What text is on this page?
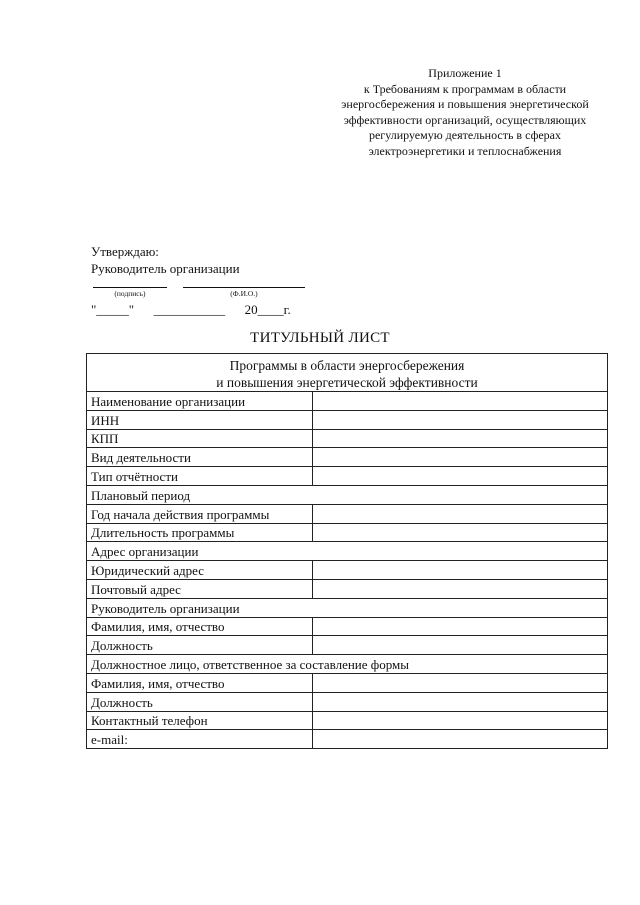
Приложение 1
к Требованиям к программам в области
энергосбережения и повышения энергетической
эффективности организаций, осуществляющих
регулируемую деятельность в сферах
электроэнергетики и теплоснабжения
Утверждаю:
Руководитель организации
(подпись)	(Ф.И.О.)
"_____"      ___________      20____г.
ТИТУЛЬНЫЙ ЛИСТ
Программы в области энергосбережения
и повышения энергетической эффективности	

Наименование организации	
ИНН	
КПП	
Вид деятельности	
Тип отчётности	
Плановый период	
Год начала действия программы	
Длительность программы	
Адрес организации	
Юридический адрес	
Почтовый адрес	
Руководитель организации	
Фамилия, имя, отчество	
Должность	
Должностное лицо, ответственное за составление формы	
Фамилия, имя, отчество	
Должность	
Контактный телефон	
e-mail:	
